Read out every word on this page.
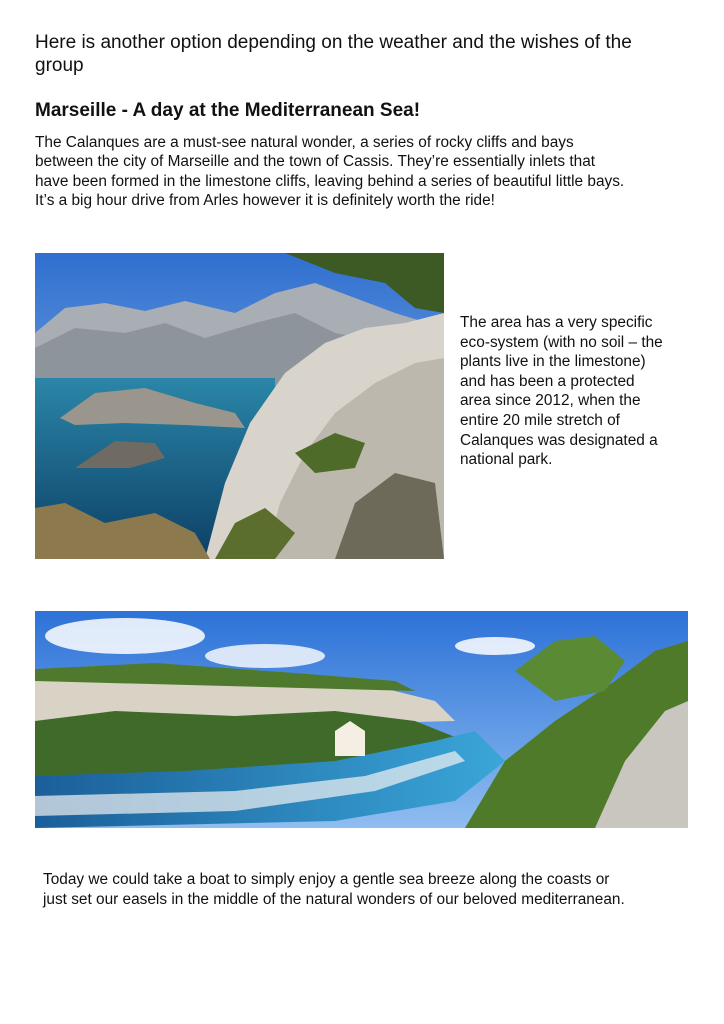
Here is another option depending on the weather and the wishes of the
group

Marseille - A day at the Mediterranean Sea!

The Calanques are a must-see natural wonder, a series of rocky cliffs and bays
between the city of Marseille and the town of Cassis. They’re essentially inlets that
have been formed in the limestone cliffs, leaving behind a series of beautiful little bays.
It’s a big hour drive from Arles however it is definitely worth the ride!

The area has a very specific
eco-system (with no soil – the
plants live in the limestone)
and has been a protected
area since 2012, when the
entire 20 mile stretch of
Calanques was designated a
national park.

Today we could take a boat to simply enjoy a gentle sea breeze along the coasts or
just set our easels in the middle of the natural wonders of our beloved mediterranean.
